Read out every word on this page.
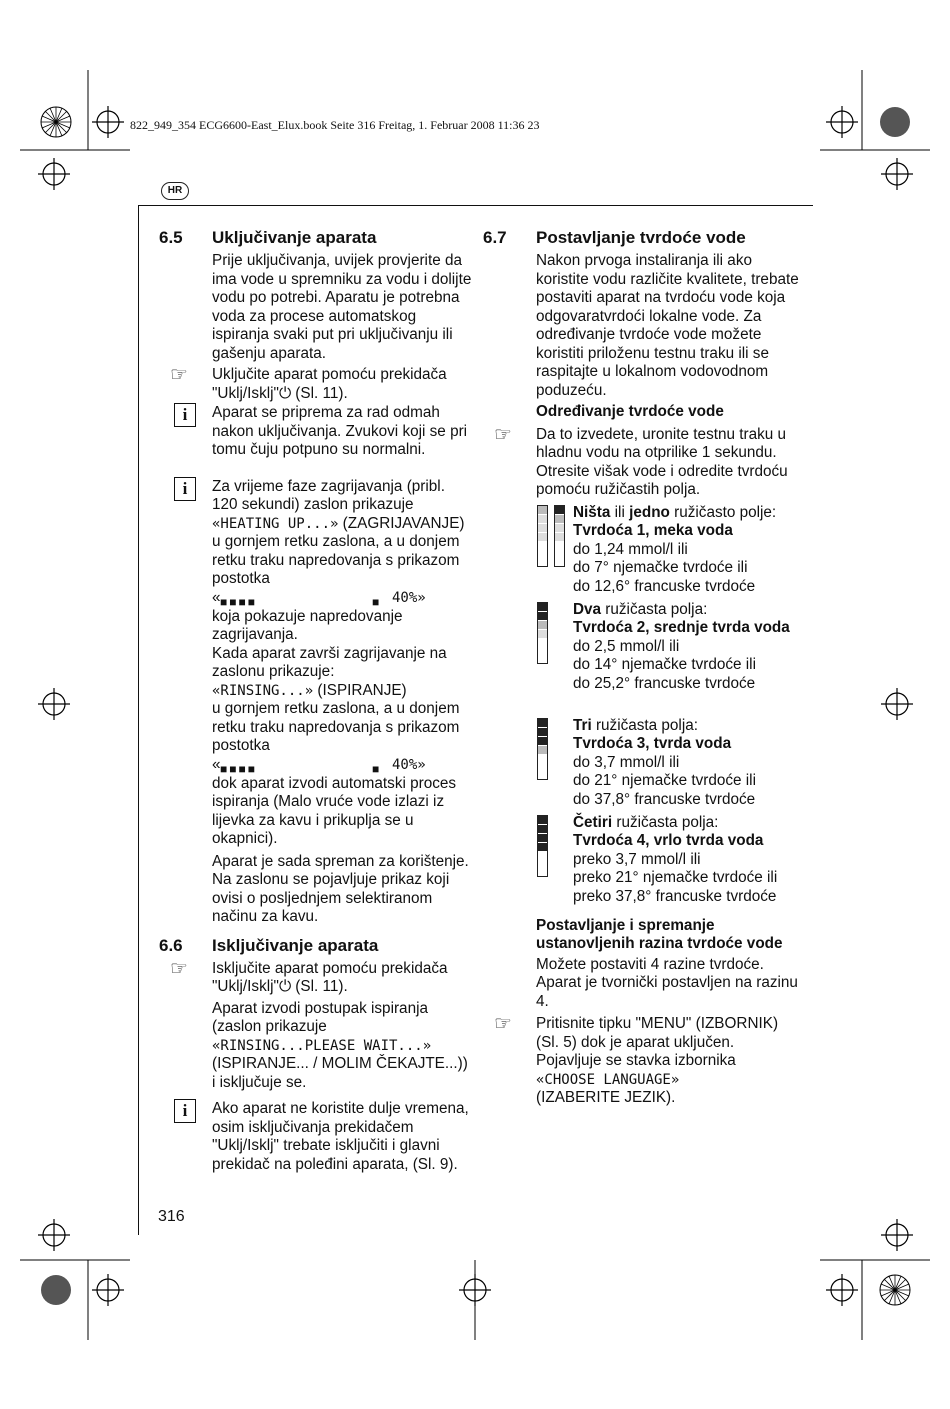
822_949_354 ECG6600-East_Elux.book Seite 316 Freitag, 1. Februar 2008 11:36 23
HR
6.5 Uključivanje aparata

Prije uključivanja, uvijek provjerite da ima vode u spremniku za vodu i dolijte vodu po potrebi. Aparatu je potrebna voda za procese automatskog ispiranja svaki put pri uključivanju ili gašenju aparata.

☞ Uključite aparat pomoću prekidača "Uklj/Isklj"⏻ (Sl. 11).
i	Aparat se priprema za rad odmah nakon uključivanja. Zvukovi koji se pri tomu čuju potpuno su normalni.
i	Za vrijeme faze zagrijavanja (pribl. 120 sekundi) zaslon prikazuje «HEATING UP...» (ZAGRIJAVANJE) u gornjem retku zaslona, a u donjem retku traku napredovanja s prikazom postotka
« ■■■■	■ 40%»
koja pokazuje napredovanje zagrijavanja.
Kada aparat završi zagrijavanje na zaslonu prikazuje:
«RINSING...» (ISPIRANJE)
u gornjem retku zaslona, a u donjem retku traku napredovanja s prikazom postotka
« ■■■■	■ 40%»
dok aparat izvodi automatski proces ispiranja (Malo vruće vode izlazi iz lijevka za kavu i prikuplja se u okapnici).
Aparat je sada spreman za korištenje. Na zaslonu se pojavljuje prikaz koji ovisi o posljednjem selektiranom načinu za kavu.
6.6 Isključivanje aparata
☞ Isključite aparat pomoću prekidača "Uklj/Isklj"⏻ (Sl. 11).
Aparat izvodi postupak ispiranja (zaslon prikazuje
«RINSING...PLEASE WAIT...»
(ISPIRANJE... / MOLIM ČEKAJTE...)) i isključuje se.
i	Ako aparat ne koristite dulje vremena, osim isključivanja prekidačem "Uklj/Isklj" trebate isključiti i glavni prekidač na poleđini aparata, (Sl. 9).
6.7 Postavljanje tvrdoće vode

Nakon prvoga instaliranja ili ako koristite vodu različite kvalitete, trebate postaviti aparat na tvrdoću vode koja odgovaratvrdoći lokalne vode. Za određivanje tvrdoće vode možete koristiti priloženu testnu traku ili se raspitajte u lokalnom vodovodnom poduzeću.

Određivanje tvrdoće vode
☞ Da to izvedete, uronite testnu traku u hladnu vodu na otprilike 1 sekundu. Otresite višak vode i odredite tvrdoću pomoću ružičastih polja.
Ništa ili jedno ružičasto polje:
Tvrdoća 1, meka voda
do 1,24 mmol/l ili
do 7° njemačke tvrdoće ili
do 12,6° francuske tvrdoće
Dva ružičasta polja:
Tvrdoća 2, srednje tvrda voda
do 2,5 mmol/l ili
do 14° njemačke tvrdoće ili
do 25,2° francuske tvrdoće
Tri ružičasta polja:
Tvrdoća 3, tvrda voda
do 3,7 mmol/l ili
do 21° njemačke tvrdoće ili
do 37,8° francuske tvrdoće
Četiri ružičasta polja:
Tvrdoća 4, vrlo tvrda voda
preko 3,7 mmol/l ili
preko 21° njemačke tvrdoće ili
preko 37,8° francuske tvrdoće
Postavljanje i spremanje ustanovljenih razina tvrdoće vode

Možete postaviti 4 razine tvrdoće. Aparat je tvornički postavljen na razinu 4.

☞ Pritisnite tipku "MENU" (IZBORNIK) (Sl. 5) dok je aparat uključen.
Pojavljuje se stavka izbornika
«CHOOSE LANGUAGE»
(IZABERITE JEZIK).
316
